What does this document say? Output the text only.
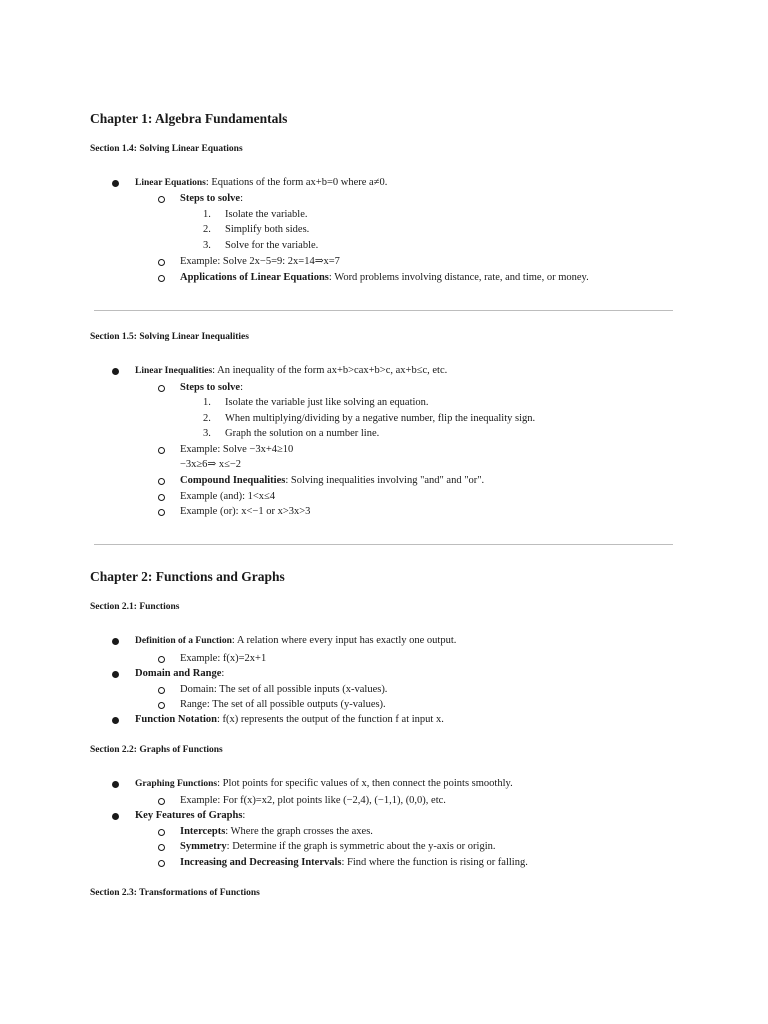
Chapter 1: Algebra Fundamentals
Section 1.4: Solving Linear Equations
Linear Equations: Equations of the form ax+b=0 where a≠0.
Steps to solve:
1. Isolate the variable.
2. Simplify both sides.
3. Solve for the variable.
Example: Solve 2x−5=9: 2x=14⇒x=7
Applications of Linear Equations: Word problems involving distance, rate, and time, or money.
Section 1.5: Solving Linear Inequalities
Linear Inequalities: An inequality of the form ax+b>cax+b>c, ax+b≤c, etc.
Steps to solve:
1. Isolate the variable just like solving an equation.
2. When multiplying/dividing by a negative number, flip the inequality sign.
3. Graph the solution on a number line.
Example: Solve −3x+4≥10
−3x≥6⇒ x≤−2
Compound Inequalities: Solving inequalities involving "and" and "or".
Example (and): 1<x≤4
Example (or): x<−1 or x>3x>3
Chapter 2: Functions and Graphs
Section 2.1: Functions
Definition of a Function: A relation where every input has exactly one output.
Example: f(x)=2x+1
Domain and Range:
Domain: The set of all possible inputs (x-values).
Range: The set of all possible outputs (y-values).
Function Notation: f(x) represents the output of the function f at input x.
Section 2.2: Graphs of Functions
Graphing Functions: Plot points for specific values of x, then connect the points smoothly.
Example: For f(x)=x2, plot points like (−2,4), (−1,1), (0,0), etc.
Key Features of Graphs:
Intercepts: Where the graph crosses the axes.
Symmetry: Determine if the graph is symmetric about the y-axis or origin.
Increasing and Decreasing Intervals: Find where the function is rising or falling.
Section 2.3: Transformations of Functions
